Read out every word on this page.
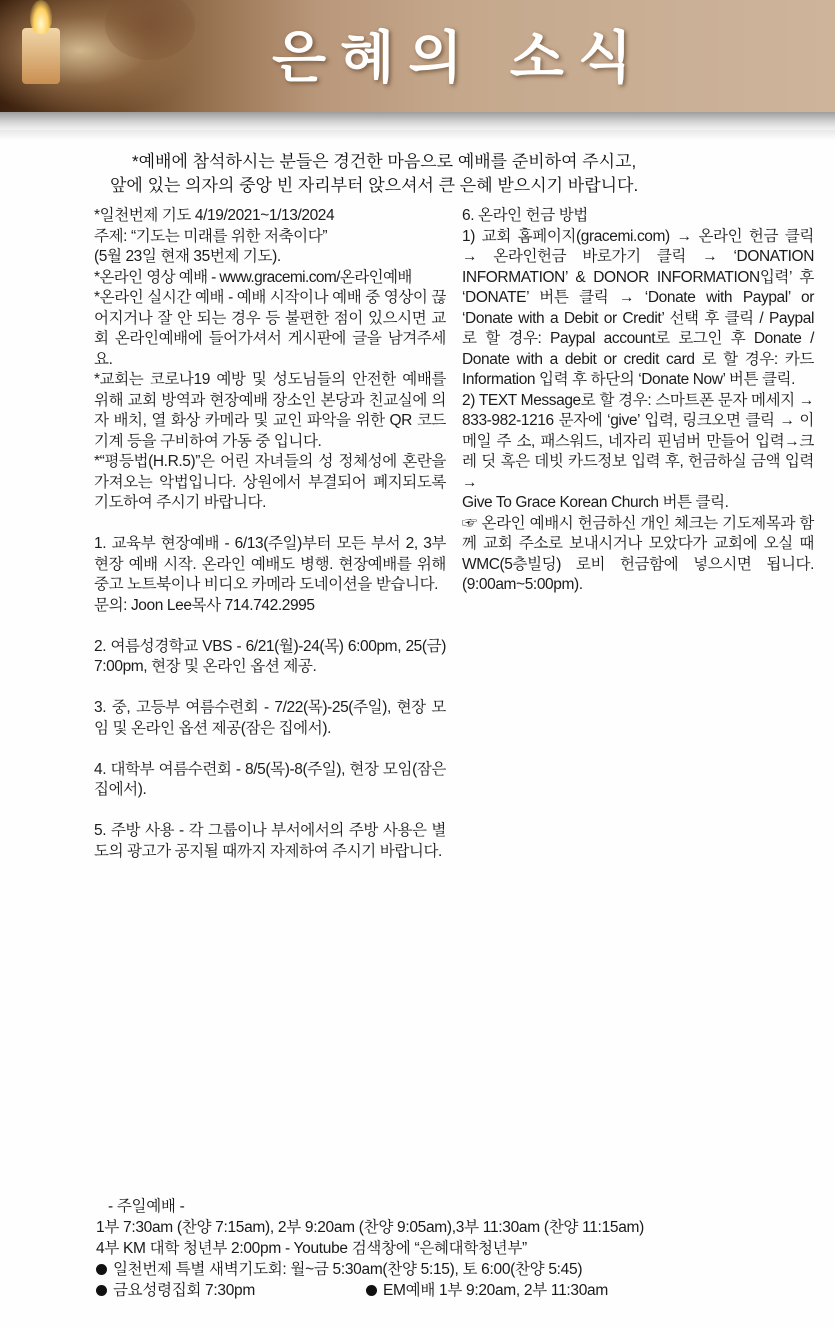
은혜의 소식
*예배에 참석하시는 분들은 경건한 마음으로 예배를 준비하여 주시고,
앞에 있는 의자의 중앙 빈 자리부터 앉으셔서 큰 은혜 받으시기 바랍니다.

*일천번제 기도 4/19/2021~1/13/2024

주제: “기도는 미래를 위한 저축이다”

(5월 23일 현재 35번제 기도).

*온라인 영상 예배 - www.gracemi.com/온라인예배

*온라인 실시간 예배 - 예배 시작이나 예배 중 영상이 끊어지거나 잘 안 되는 경우 등 불편한 점이 있으시면 교회 온라인예배에 들어가셔서 게시판에 글을 남겨주세요.

*교회는 코로나19 예방 및 성도님들의 안전한 예배를 위해 교회 방역과 현장예배 장소인 본당과 친교실에 의자 배치, 열 화상 카메라 및 교인 파악을 위한 QR 코드 기계 등을 구비하여 가동 중 입니다.

*“평등법(H.R.5)”은 어린 자녀들의 성 정체성에 혼란을 가져오는 악법입니다. 상원에서 부결되어 폐지되도록 기도하여 주시기 바랍니다.

1. 교육부 현장예배 - 6/13(주일)부터 모든 부서 2, 3부 현장 예배 시작. 온라인 예배도 병행. 현장예배를 위해 중고 노트북이나 비디오 카메라 도네이션을 받습니다.

문의: Joon Lee목사 714.742.2995

2. 여름성경학교 VBS - 6/21(월)-24(목) 6:00pm, 25(금) 7:00pm, 현장 및 온라인 옵션 제공.

3. 중, 고등부 여름수련회 - 7/22(목)-25(주일), 현장 모임 및 온라인 옵션 제공(잠은 집에서).

4. 대학부 여름수련회 - 8/5(목)-8(주일), 현장 모임(잠은 집에서).

5. 주방 사용 - 각 그룹이나 부서에서의 주방 사용은 별도의 광고가 공지될 때까지 자제하여 주시기 바랍니다.

6. 온라인 헌금 방법

1) 교회 홈페이지(gracemi.com) → 온라인 헌금 클릭 → 온라인헌금 바로가기 클릭 → ‘DONATION INFORMATION’ & DONOR INFORMATION입력’ 후 ‘DONATE’ 버튼 클릭 → ‘Donate with Paypal’ or ‘Donate with a Debit or Credit’ 선택 후 클릭 / Paypal 로 할 경우: Paypal account로 로그인 후 Donate / Donate with a debit or credit card 로 할 경우: 카드 Information 입력 후 하단의 ‘Donate Now’ 버튼 클릭.

2) TEXT Message로 할 경우: 스마트폰 문자 메세지 → 833-982-1216 문자에 ‘give’ 입력, 링크오면 클릭 → 이메일 주 소, 패스워드, 네자리 핀넘버 만들어 입력→크레 딧 혹은 데빗 카드정보 입력 후, 헌금하실 금액 입력→

Give To Grace Korean Church 버튼 클릭.

☞ 온라인 예배시 헌금하신 개인 체크는 기도제목과 함께 교회 주소로 보내시거나 모았다가 교회에 오실 때 WMC(5층빌딩) 로비 헌금함에 넣으시면 됩니다. (9:00am~5:00pm).

- 주일예배 -
1부 7:30am (찬양 7:15am), 2부 9:20am (찬양 9:05am),3부 11:30am (찬양 11:15am)
4부 KM 대학 청년부 2:00pm - Youtube 검색창에 “은혜대학청년부”
일천번제 특별 새벽기도회: 월~금 5:30am(찬양 5:15), 토 6:00(찬양 5:45)
금요성령집회 7:30pm	EM예배 1부 9:20am, 2부 11:30am
